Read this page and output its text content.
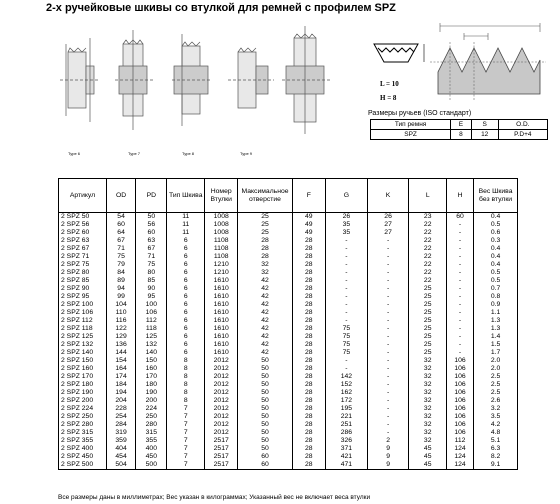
2-х ручейковые шкивы со втулкой для ремней с профилем SPZ
Type 6	Type 7	Type 8	Type 9
L = 10
H = 8
Размеры ручьев (ISO стандарт)
Тип ремня	E	S	O.D.
SPZ	8	12	P.D+4
Артикул	OD	PD	Тип Шкива	Номер Втулки	Максимальное отверстие	F	G	K	L	H	Вес Шкива без втулки
2 SPZ 50	54	50	11	1008	25	49	26	26	23	60	0.4
2 SPZ 56	60	56	11	1008	25	49	35	27	22	-	0.5
2 SPZ 60	64	60	11	1008	25	49	35	27	22	-	0.6
2 SPZ 63	67	63	6	1108	28	28	-	-	22	-	0.3
2 SPZ 67	71	67	6	1108	28	28	-	-	22	-	0.4
2 SPZ 71	75	71	6	1108	28	28	-	-	22	-	0.4
2 SPZ 75	79	75	6	1210	32	28	-	-	22	-	0.4
2 SPZ 80	84	80	6	1210	32	28	-	-	22	-	0.5
2 SPZ 85	89	85	6	1610	42	28	-	-	22	-	0.5
2 SPZ 90	94	90	6	1610	42	28	-	-	25	-	0.7
2 SPZ 95	99	95	6	1610	42	28	-	-	25	-	0.8
2 SPZ 100	104	100	6	1610	42	28	-	-	25	-	0.9
2 SPZ 106	110	106	6	1610	42	28	-	-	25	-	1.1
2 SPZ 112	116	112	6	1610	42	28	-	-	25	-	1.3
2 SPZ 118	122	118	6	1610	42	28	75	-	25	-	1.3
2 SPZ 125	129	125	6	1610	42	28	75	-	25	-	1.4
2 SPZ 132	136	132	6	1610	42	28	75	-	25	-	1.5
2 SPZ 140	144	140	6	1610	42	28	75	-	25	-	1.7
2 SPZ 150	154	150	8	2012	50	28	-	-	32	106	2.0
2 SPZ 160	164	160	8	2012	50	28	-	-	32	106	2.0
2 SPZ 170	174	170	8	2012	50	28	142	-	32	106	2.5
2 SPZ 180	184	180	8	2012	50	28	152	-	32	106	2.5
2 SPZ 190	194	190	8	2012	50	28	162	-	32	106	2.5
2 SPZ 200	204	200	8	2012	50	28	172	-	32	106	2.6
2 SPZ 224	228	224	7	2012	50	28	195	-	32	106	3.2
2 SPZ 250	254	250	7	2012	50	28	221	-	32	106	3.5
2 SPZ 280	284	280	7	2012	50	28	251	-	32	106	4.2
2 SPZ 315	319	315	7	2012	50	28	286	-	32	106	4.8
2 SPZ 355	359	355	7	2517	50	28	326	2	32	112	5.1
2 SPZ 400	404	400	7	2517	50	28	371	9	45	124	6.3
2 SPZ 450	454	450	7	2517	60	28	421	9	45	124	8.2
2 SPZ 500	504	500	7	2517	60	28	471	9	45	124	9.1
Все размеры даны в миллиметрах; Вес указан в килограммах; Указанный вес не включает веса втулки
